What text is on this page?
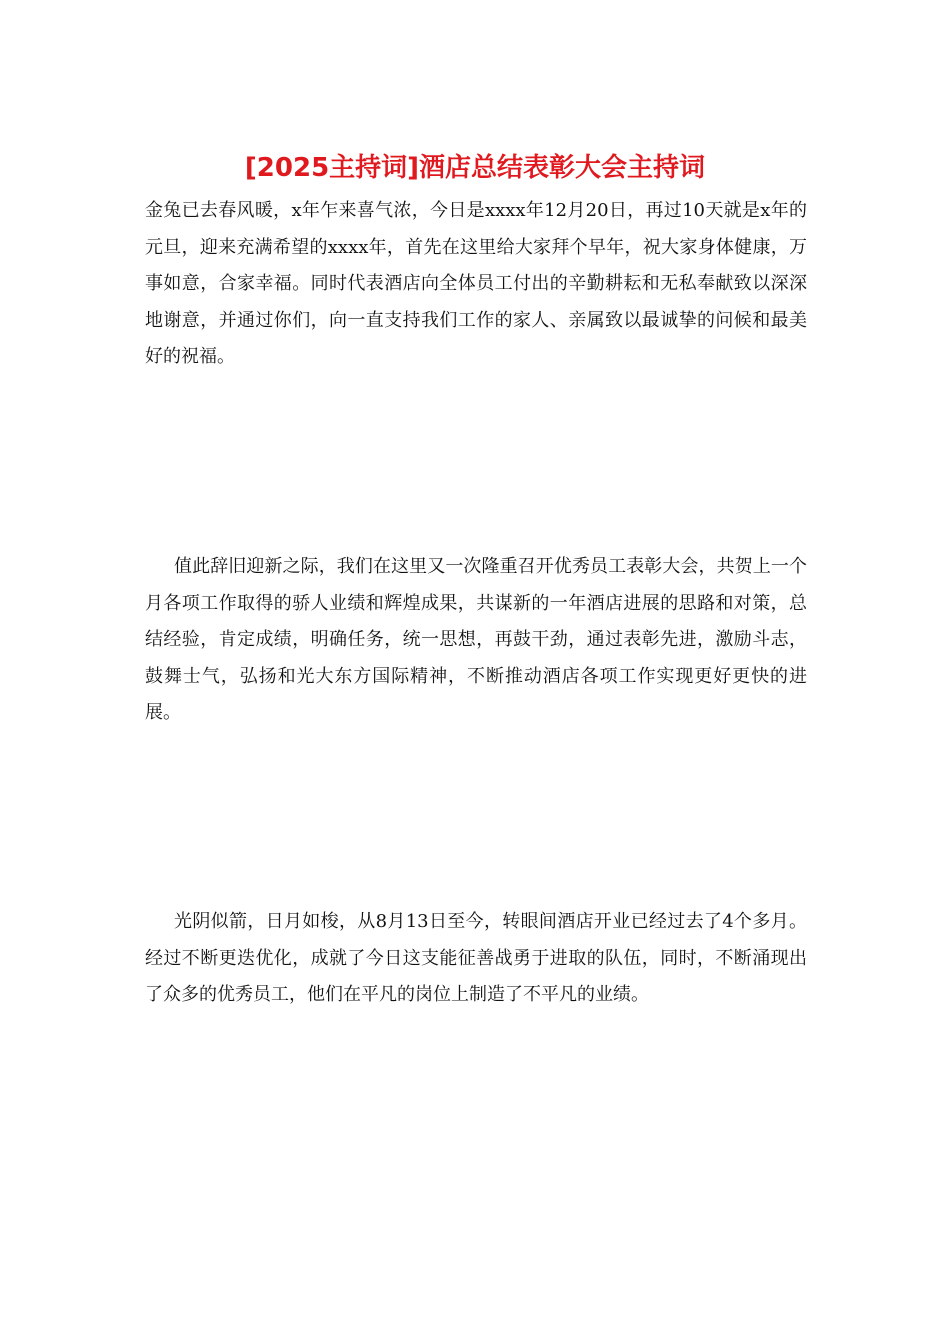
[2025主持词]酒店总结表彰大会主持词

金兔已去春风暖，x年乍来喜气浓，今日是xxxx年12月20日，再过10天就是x年的元旦，迎来充满希望的xxxx年，首先在这里给大家拜个早年，祝大家身体健康，万事如意，合家幸福。同时代表酒店向全体员工付出的辛勤耕耘和无私奉献致以深深地谢意，并通过你们，向一直支持我们工作的家人、亲属致以最诚挚的问候和最美好的祝福。

值此辞旧迎新之际，我们在这里又一次隆重召开优秀员工表彰大会，共贺上一个月各项工作取得的骄人业绩和辉煌成果，共谋新的一年酒店进展的思路和对策，总结经验，肯定成绩，明确任务，统一思想，再鼓干劲，通过表彰先进，激励斗志，鼓舞士气，弘扬和光大东方国际精神，不断推动酒店各项工作实现更好更快的进展。

光阴似箭，日月如梭，从8月13日至今，转眼间酒店开业已经过去了4个多月。经过不断更迭优化，成就了今日这支能征善战勇于进取的队伍，同时，不断涌现出了众多的优秀员工，他们在平凡的岗位上制造了不平凡的业绩。
